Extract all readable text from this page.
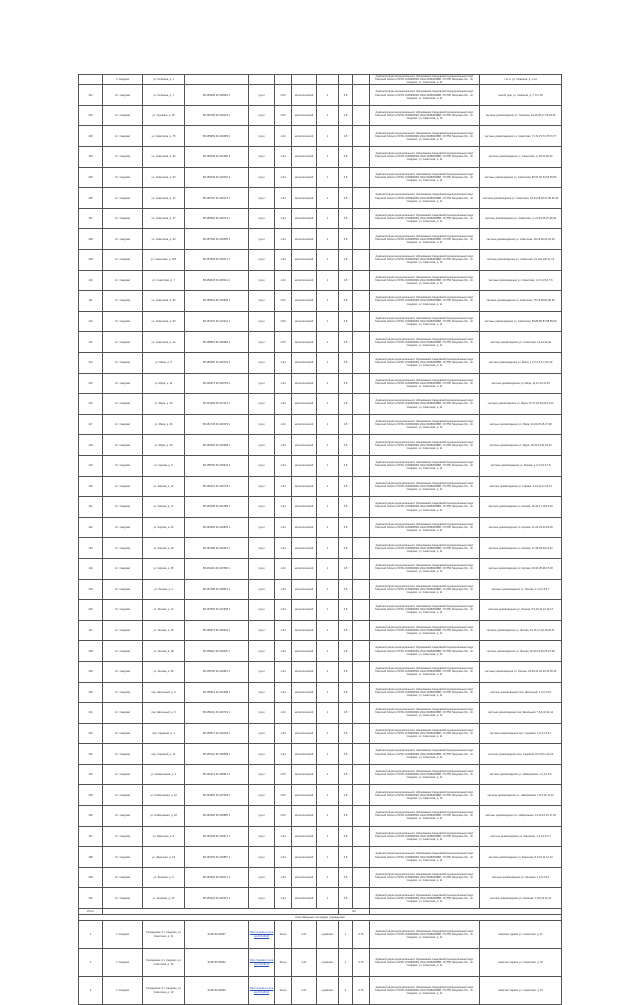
	п. Сандово	ул. Гагарина, д. 1								Администрация муниципального образования Сандовский муниципальный округ Тверской области ОГРН 1036900001 ИНН 6945000888, 171750 Тверская обл., пгт. Сандово, ул. Советская, д. 11	т.м.-2. ул. Гагарина, д. 1-14
101	пгт. Сандово	ул. Гагарина, д. 7	58.459946 36.428081 1	грунт	2,00	металлический	1	0,8		Администрация муниципального образования Сандовский муниципальный округ Тверской области ОГРН 1036900001 ИНН 6945000888, 171750 Тверская обл., пгт. Сандово, ул. Советская, д. 11	жилой дом, ул. Гагарина, д. 7, 8 и 18
102	пгт. Сандово	ул. Пушкина, д. 29	58.460768 36.433432 1	грунт	2,00	металлический	1	0,8		Администрация муниципального образования Сандовский муниципальный округ Тверской области ОГРН 1036900001 ИНН 6945000888, 171750 Тверская обл., пгт. Сандово, ул. Советская, д. 11	частные домовладения ул. Пушкина, 24,25,26,27,28,29,30
103	пгт. Сандово	ул. Советская, д. 75	58.455869 36.419485 2	грунт	1,44	металлический	1	0,8		Администрация муниципального образования Сандовский муниципальный округ Тверской области ОГРН 1036900001 ИНН 6945000888, 171750 Тверская обл., пгт. Сандово, ул. Советская, д. 11	частные домовладения ул. Советская, 71,72,73,74,75,76,77
104	пгт. Сандово	ул. Советская, д. 64	58.456049 36.421486 2	грунт	1,44	металлический	1	0,8		Администрация муниципального образования Сандовский муниципальный округ Тверской области ОГРН 1036900001 ИНН 6945000888, 171750 Тверская обл., пгт. Сандово, ул. Советская, д. 11	частные домовладения ул. Советская, д. 60,61,62,63
105	пгт. Сандово	ул. Советская, д. 52	58.456439 36.424062 2	грунт	1,44	металлический	1	0,8		Администрация муниципального образования Сандовский муниципальный округ Тверской области ОГРН 1036900001 ИНН 6945000888, 171750 Тверская обл., пгт. Сандово, ул. Советская, д. 11	частные домовладения ул. Советская, 50,51,52,53,54,55,56
106	пгт. Сандово	ул. Советская, д. 37	58.456751 36.426173 2	грунт	1,44	металлический	1	0,8		Администрация муниципального образования Сандовский муниципальный округ Тверской области ОГРН 1036900001 ИНН 6945000888, 171750 Тверская обл., пгт. Сандово, ул. Советская, д. 11	частные домовладения ул. Советская, 33,34,35,36,37,38,39,40
107	пгт. Сандово	ул. Советская, д. 27	58.456994 36.428713 1	грунт	1,44	металлический	1	0,8		Администрация муниципального образования Сандовский муниципальный округ Тверской области ОГРН 1036900001 ИНН 6945000888, 171750 Тверская обл., пгт. Сандово, ул. Советская, д. 11	частные домовладения ул. Советская, д. 24,25,26,27,28,29
108	пгт. Сандово	ул. Советская, д. 20	58.457466 36.430655 1	грунт	1,44	металлический	1	0,8		Администрация муниципального образования Сандовский муниципальный округ Тверской области ОГРН 1036900001 ИНН 6945000888, 171750 Тверская обл., пгт. Сандово, ул. Советская, д. 11	частные домовладения ул. Советская, 18,19,20,21,22,23
109	пгт. Сандово	ул. Советская, д. 10б	58.457899 36.433271 1	грунт	1,44	металлический	1	0,8		Администрация муниципального образования Сандовский муниципальный округ Тверской области ОГРН 1036900001 ИНН 6945000888, 171750 Тверская обл., пгт. Сандово, ул. Советская, д. 11	частные домовладения ул. Советская, 10,10а,10б,11,12
110	пгт. Сандово	ул. Советская, д. 7	58.458215 36.435011 1	грунт	1,44	металлический	1	0,8		Администрация муниципального образования Сандовский муниципальный округ Тверской области ОГРН 1036900001 ИНН 6945000888, 171750 Тверская обл., пгт. Сандово, ул. Советская, д. 11	частные домовладения ул. Советская, 1,2,3,4,5,6,7,8
111	пгт. Сандово	ул. Советская, д. 82	58.455064 36.416935 1	грунт	2,00	металлический	1	0,8		Администрация муниципального образования Сандовский муниципальный округ Тверской области ОГРН 1036900001 ИНН 6945000888, 171750 Тверская обл., пгт. Сандово, ул. Советская, д. 11	частные домовладения ул. Советская, 78,79,80,81,82,83
112	пгт. Сандово	ул. Советская, д. 90	58.454762 36.414231 1	грунт	2,00	металлический	1	0,8		Администрация муниципального образования Сандовский муниципальный округ Тверской области ОГРН 1036900001 ИНН 6945000888, 171750 Тверская обл., пгт. Сандово, ул. Советская, д. 11	частные домовладения ул. Советская, 84,85,86,87,88,89,90
113	пгт. Сандово	ул. Советская, д. 2а	58.458564 36.436582 1	грунт	2,00	металлический	1	0,8		Администрация муниципального образования Сандовский муниципальный округ Тверской области ОГРН 1036900001 ИНН 6945000888, 171750 Тверская обл., пгт. Сандово, ул. Советская, д. 11	частные домовладения ул. Советская, 1а,2а,3а,4а
114	пгт. Сандово	ул. Мира, д. 5	58.459355 36.430142 1	грунт	1,44	металлический	1	0,8		Администрация муниципального образования Сандовский муниципальный округ Тверской области ОГРН 1036900001 ИНН 6945000888, 171750 Тверская обл., пгт. Сандово, ул. Советская, д. 11	частные домовладения ул. Мира, 1,2,3,4,5,6,7,8,9,10
115	пгт. Сандово	ул. Мира, д. 11	58.460274 36.428753 1	грунт	1,44	металлический	1	0,8		Администрация муниципального образования Сандовский муниципальный округ Тверской области ОГРН 1036900001 ИНН 6945000888, 171750 Тверская обл., пгт. Сандово, ул. Советская, д. 11	частные домовладения ул. Мира, 11,12,13,14,15
116	пгт. Сандово	ул. Мира, д. 20	58.461056 36.427113 1	грунт	1,44	металлический	1	0,8		Администрация муниципального образования Сандовский муниципальный округ Тверской области ОГРН 1036900001 ИНН 6945000888, 171750 Тверская обл., пгт. Сандово, ул. Советская, д. 11	частные домовладения ул. Мира, 16,17,18,19,20,21,22
117	пгт. Сандово	ул. Мира, д. 26	58.461745 36.425479 1	грунт	1,44	металлический	1	0,8		Администрация муниципального образования Сандовский муниципальный округ Тверской области ОГРН 1036900001 ИНН 6945000888, 171750 Тверская обл., пгт. Сандово, ул. Советская, д. 11	частные домовладения ул. Мира, 23,24,25,26,27,28
118	пгт. Сандово	ул. Мира, д. 33	58.462369 36.423998 1	грунт	1,44	металлический	1	0,8		Администрация муниципального образования Сандовский муниципальный округ Тверской области ОГРН 1036900001 ИНН 6945000888, 171750 Тверская обл., пгт. Сандово, ул. Советская, д. 11	частные домовладения ул. Мира, 29,30,31,32,33,34
119	пгт. Сандово	ул. Кирова, д. 5	58.458766 36.425341 2	грунт	1,44	металлический	1	0,8		Администрация муниципального образования Сандовский муниципальный округ Тверской области ОГРН 1036900001 ИНН 6945000888, 171750 Тверская обл., пгт. Сандово, ул. Советская, д. 11	частные домовладения ул. Кирова, 1,2,3,4,5,6,7,8
120	пгт. Сандово	ул. Кирова, д. 11	58.459412 36.423778 1	грунт	1,44	металлический	1	0,8		Администрация муниципального образования Сандовский муниципальный округ Тверской области ОГРН 1036900001 ИНН 6945000888, 171750 Тверская обл., пгт. Сандово, ул. Советская, д. 11	частные домовладения ул. Кирова, 9,10,11,12,13,14
121	пгт. Сандово	ул. Кирова, д. 17	58.460038 36.422289 1	грунт	1,44	металлический	1	0,8		Администрация муниципального образования Сандовский муниципальный округ Тверской области ОГРН 1036900001 ИНН 6945000888, 171750 Тверская обл., пгт. Сандово, ул. Советская, д. 11	частные домовладения ул. Кирова, 15,16,17,18,19,20
122	пгт. Сандово	ул. Кирова, д. 23	58.460665 36.420802 1	грунт	1,44	металлический	1	0,8		Администрация муниципального образования Сандовский муниципальный округ Тверской области ОГРН 1036900001 ИНН 6945000888, 171750 Тверская обл., пгт. Сандово, ул. Советская, д. 11	частные домовладения ул. Кирова, 21,22,23,24,25,26
123	пгт. Сандово	ул. Кирова, д. 29	58.461288 36.419316 1	грунт	1,44	металлический	1	0,8		Администрация муниципального образования Сандовский муниципальный округ Тверской области ОГРН 1036900001 ИНН 6945000888, 171750 Тверская обл., пгт. Сандово, ул. Советская, д. 11	частные домовладения ул. Кирова, 27,28,29,30,31,32
124	пгт. Сандово	ул. Кирова, д. 35	58.461911 36.417830 1	грунт	1,44	металлический	1	0,8		Администрация муниципального образования Сандовский муниципальный округ Тверской области ОГРН 1036900001 ИНН 6945000888, 171750 Тверская обл., пгт. Сандово, ул. Советская, д. 11	частные домовладения ул. Кирова, 33,34,35,36,37,38
125	пгт. Сандово	ул. Лесная, д. 4	58.457198 36.438872 1	грунт	1,44	металлический	1	0,8		Администрация муниципального образования Сандовский муниципальный округ Тверской области ОГРН 1036900001 ИНН 6945000888, 171750 Тверская обл., пгт. Сандово, ул. Советская, д. 11	частные домовладения ул. Лесная, 1,2,3,4,5,6,7
126	пгт. Сандово	ул. Лесная, д. 12	58.457836 36.437358 1	грунт	1,44	металлический	1	0,8		Администрация муниципального образования Сандовский муниципальный округ Тверской области ОГРН 1036900001 ИНН 6945000888, 171750 Тверская обл., пгт. Сандово, ул. Советская, д. 11	частные домовладения ул. Лесная, 8,9,10,11,12,13,14
127	пгт. Сандово	ул. Лесная, д. 20	58.458474 36.435844 1	грунт	1,44	металлический	1	0,8		Администрация муниципального образования Сандовский муниципальный округ Тверской области ОГРН 1036900001 ИНН 6945000888, 171750 Тверская обл., пгт. Сандово, ул. Советская, д. 11	частные домовладения ул. Лесная, 15,16,17,18,19,20,21
128	пгт. Сандово	ул. Лесная, д. 28	58.459112 36.434330 1	грунт	1,44	металлический	1	0,8		Администрация муниципального образования Сандовский муниципальный округ Тверской области ОГРН 1036900001 ИНН 6945000888, 171750 Тверская обл., пгт. Сандово, ул. Советская, д. 11	частные домовладения ул. Лесная, 22,23,24,25,26,27,28
129	пгт. Сандово	ул. Лесная, д. 36	58.459750 36.432816 1	грунт	1,44	металлический	1	0,8		Администрация муниципального образования Сандовский муниципальный округ Тверской области ОГРН 1036900001 ИНН 6945000888, 171750 Тверская обл., пгт. Сандово, ул. Советская, д. 11	частные домовладения ул. Лесная, 29,30,31,32,33,34,35,36
130	пгт. Сандово	пер. Школьный, д. 3	58.456512 36.431298 1	грунт	1,44	металлический	1	0,8		Администрация муниципального образования Сандовский муниципальный округ Тверской области ОГРН 1036900001 ИНН 6945000888, 171750 Тверская обл., пгт. Сандово, ул. Советская, д. 11	частные домовладения пер. Школьный, 1,2,3,4,5,6
131	пгт. Сандово	пер. Школьный, д. 9	58.456041 36.432701 1	грунт	1,44	металлический	1	0,8		Администрация муниципального образования Сандовский муниципальный округ Тверской области ОГРН 1036900001 ИНН 6945000888, 171750 Тверская обл., пгт. Сандово, ул. Советская, д. 11	частные домовладения пер. Школьный, 7,8,9,10,11,12
132	пгт. Сандово	пер. Садовый, д. 4	58.455571 36.434105 1	грунт	1,44	металлический	1	0,8		Администрация муниципального образования Сандовский муниципальный округ Тверской области ОГРН 1036900001 ИНН 6945000888, 171750 Тверская обл., пгт. Сандово, ул. Советская, д. 11	частные домовладения пер. Садовый, 1,2,3,4,5,6,7
133	пгт. Сандово	пер. Садовый, д. 11	58.455101 36.435508 1	грунт	1,44	металлический	1	0,8		Администрация муниципального образования Сандовский муниципальный округ Тверской области ОГРН 1036900001 ИНН 6945000888, 171750 Тверская обл., пгт. Сандово, ул. Советская, д. 11	частные домовладения пер. Садовый, 8,9,10,11,12,13
134	пгт. Сандово	ул. Набережная, д. 2	58.461214 36.438913 1	грунт	2,00	металлический	1	0,8		Администрация муниципального образования Сандовский муниципальный округ Тверской области ОГРН 1036900001 ИНН 6945000888, 171750 Тверская обл., пгт. Сандово, ул. Советская, д. 11	частные домовладения ул. Набережная, 1,2,3,4,5,6
135	пгт. Сандово	ул. Набережная, д. 10	58.461852 36.437399 1	грунт	2,00	металлический	1	0,8		Администрация муниципального образования Сандовский муниципальный округ Тверской области ОГРН 1036900001 ИНН 6945000888, 171750 Тверская обл., пгт. Сандово, ул. Советская, д. 11	частные домовладения ул. Набережная, 7,8,9,10,11,12
136	пгт. Сандово	ул. Набережная, д. 18	58.462490 36.435885 1	грунт	2,00	металлический	1	0,8		Администрация муниципального образования Сандовский муниципальный округ Тверской области ОГРН 1036900001 ИНН 6945000888, 171750 Тверская обл., пгт. Сандово, ул. Советская, д. 11	частные домовладения ул. Набережная, 13,14,15,16,17,18
137	пгт. Сандово	ул. Заречная, д. 5	58.463128 36.434371 1	грунт	1,44	металлический	1	0,8		Администрация муниципального образования Сандовский муниципальный округ Тверской области ОГРН 1036900001 ИНН 6945000888, 171750 Тверская обл., пгт. Сандово, ул. Советская, д. 11	частные домовладения ул. Заречная, 1,2,3,4,5,6,7
138	пгт. Сандово	ул. Заречная, д. 13	58.463766 36.432857 1	грунт	1,44	металлический	1	0,8		Администрация муниципального образования Сандовский муниципальный округ Тверской области ОГРН 1036900001 ИНН 6945000888, 171750 Тверская обл., пгт. Сандово, ул. Советская, д. 11	частные домовладения ул. Заречная, 8,9,10,11,12,13
139	пгт. Сандово	ул. Зелёная, д. 3	58.454593 36.439271 1	грунт	1,44	металлический	1	0,8		Администрация муниципального образования Сандовский муниципальный округ Тверской области ОГРН 1036900001 ИНН 6945000888, 171750 Тверская обл., пгт. Сандово, ул. Советская, д. 11	частные домовладения ул. Зелёная, 1,2,3,4,5,6
140	пгт. Сандово	ул. Зелёная, д. 10	58.454123 36.440674 1	грунт	1,44	металлический	1	0,8		Администрация муниципального образования Сандовский муниципальный округ Тверской области ОГРН 1036900001 ИНН 6945000888, 171750 Тверская обл., пгт. Сандово, ул. Советская, д. 11	частные домовладения ул. Зелёная, 7,8,9,10,11,12
Итого								0/п			
Контейнерные площадки учреждений											
1	п. Сандово	Учреждение пгт. Сандово, ул. Советская, д. 11	3145736 00087	https://yandex.ru/maps/-/CCUhn8	бетон	2,27	профлист	1	0,75	Администрация муниципального образования Сандовский муниципальный округ Тверской области ОГРН 1036900001 ИНН 6945000888, 171750 Тверская обл., пгт. Сандово, ул. Советская, д. 11	нежилые здания ул. Советская, д. 11
2	п. Сандово	Учреждение пгт. Сандово, ул. Советская, д. 16	3145736 00092	https://yandex.ru/maps/-/CCUhn4	бетон	2,27	профлист	1	0,75	Администрация муниципального образования Сандовский муниципальный округ Тверской области ОГРН 1036900001 ИНН 6945000888, 171750 Тверская обл., пгт. Сандово, ул. Советская, д. 11	нежилые здания ул. Советская, д. 16
3	п. Сандово	Учреждение пгт. Сандово, ул. Советская, д. 19	3145736 00095	https://yandex.ru/maps/-/CCUhnZ	бетон	2,27	профлист	2	0,75	Администрация муниципального образования Сандовский муниципальный округ Тверской области ОГРН 1036900001 ИНН 6945000888, 171750 Тверская обл., пгт. Сандово, ул. Советская, д. 11	нежилые здания ул. Советская, д. 19
